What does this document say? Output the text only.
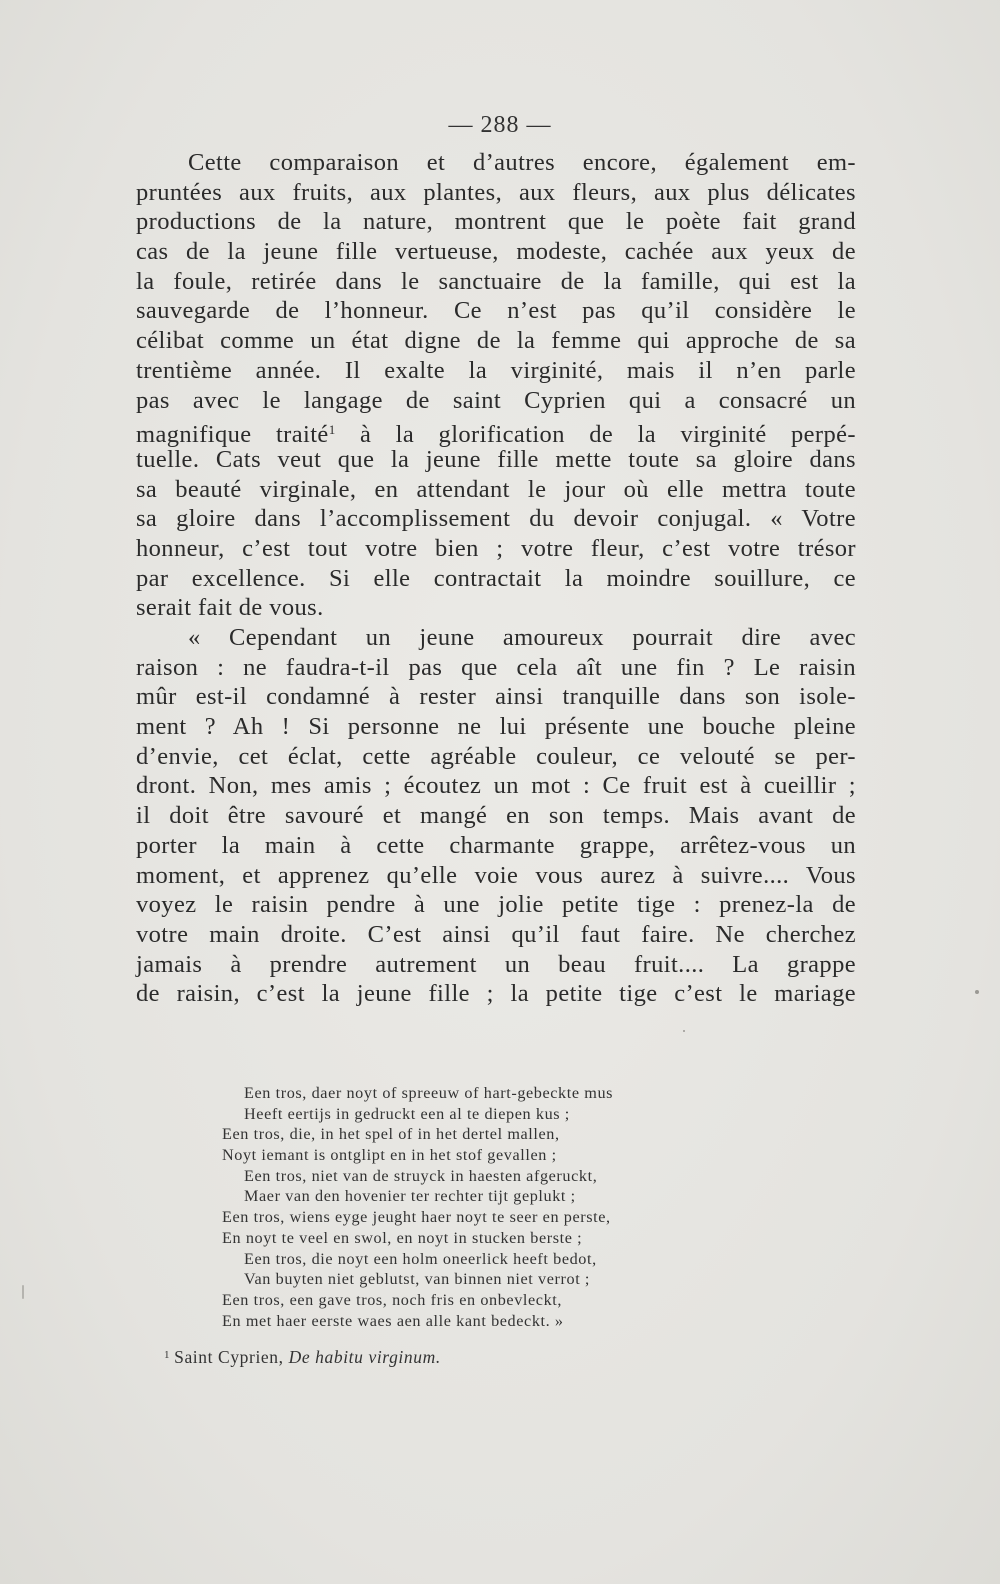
— 288 —
Cette comparaison et d’autres encore, également em-
pruntées aux fruits, aux plantes, aux fleurs, aux plus délicates
productions de la nature, montrent que le poète fait grand
cas de la jeune fille vertueuse, modeste, cachée aux yeux de
la foule, retirée dans le sanctuaire de la famille, qui est la
sauvegarde de l’honneur. Ce n’est pas qu’il considère le
célibat comme un état digne de la femme qui approche de sa
trentième année. Il exalte la virginité, mais il n’en parle
pas avec le langage de saint Cyprien qui a consacré un
magnifique traité$^1$ à la glorification de la virginité perpé-
tuelle. Cats veut que la jeune fille mette toute sa gloire dans
sa beauté virginale, en attendant le jour où elle mettra toute
sa gloire dans l’accomplissement du devoir conjugal. « Votre
honneur, c’est tout votre bien ; votre fleur, c’est votre trésor
par excellence. Si elle contractait la moindre souillure, ce
serait fait de vous.
« Cependant un jeune amoureux pourrait dire avec
raison : ne faudra-t-il pas que cela aît une fin ? Le raisin
mûr est-il condamné à rester ainsi tranquille dans son isole-
ment ? Ah ! Si personne ne lui présente une bouche pleine
d’envie, cet éclat, cette agréable couleur, ce velouté se per-
dront. Non, mes amis ; écoutez un mot : Ce fruit est à cueillir ;
il doit être savouré et mangé en son temps. Mais avant de
porter la main à cette charmante grappe, arrêtez-vous un
moment, et apprenez qu’elle voie vous aurez à suivre.... Vous
voyez le raisin pendre à une jolie petite tige : prenez-la de
votre main droite. C’est ainsi qu’il faut faire. Ne cherchez
jamais à prendre autrement un beau fruit.... La grappe
de raisin, c’est la jeune fille ; la petite tige c’est le mariage
Een tros, daer noyt of spreeuw of hart-gebeckte mus
Heeft eertijs in gedruckt een al te diepen kus ;
Een tros, die, in het spel of in het dertel mallen,
Noyt iemant is ontglipt en in het stof gevallen ;
Een tros, niet van de struyck in haesten afgeruckt,
Maer van den hovenier ter rechter tijt geplukt ;
Een tros, wiens eyge jeught haer noyt te seer en perste,
En noyt te veel en swol, en noyt in stucken berste ;
Een tros, die noyt een holm oneerlick heeft bedot,
Van buyten niet geblutst, van binnen niet verrot ;
Een tros, een gave tros, noch fris en onbevleckt,
En met haer eerste waes aen alle kant bedeckt. »
$^1$ Saint Cyprien, De habitu virginum.
